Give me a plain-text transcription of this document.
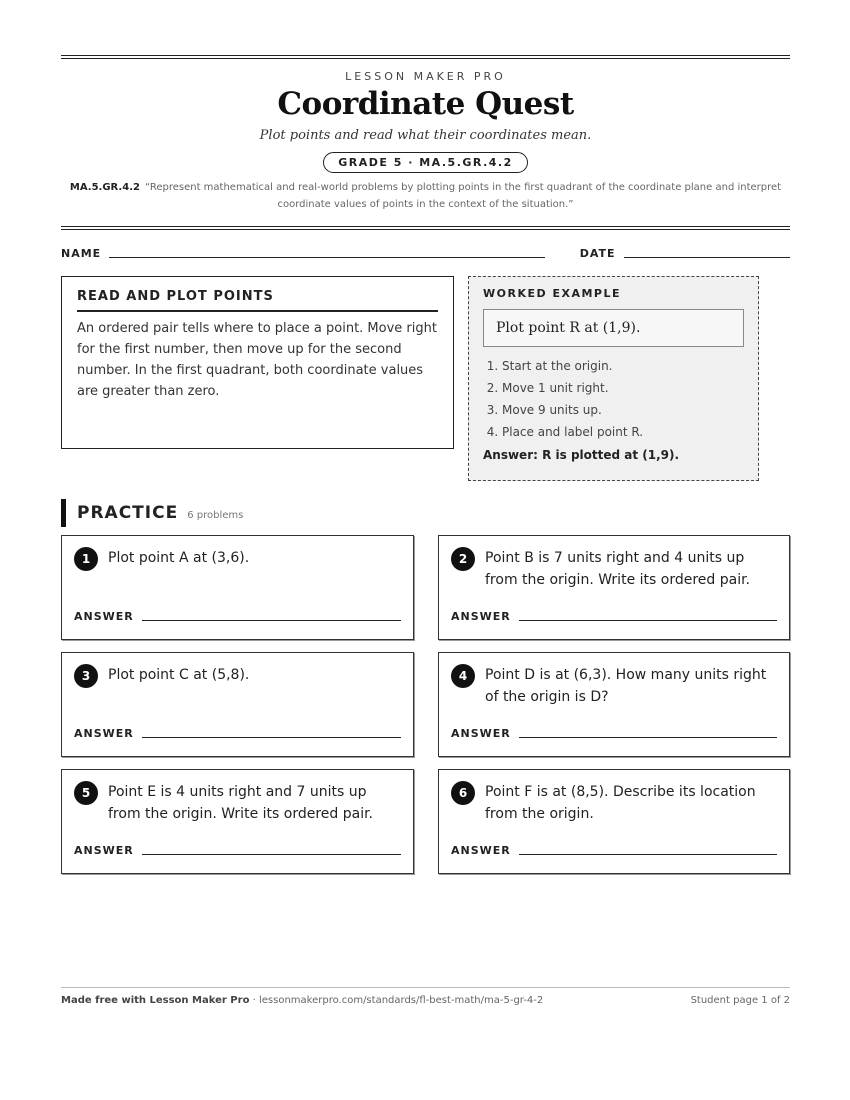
LESSON MAKER PRO
Coordinate Quest
Plot points and read what their coordinates mean.
GRADE 5 · MA.5.GR.4.2
MA.5.GR.4.2 “Represent mathematical and real-world problems by plotting points in the first quadrant of the coordinate plane and interpret coordinate values of points in the context of the situation.”
NAME	DATE
READ AND PLOT POINTS

An ordered pair tells where to place a point. Move right for the first number, then move up for the second number. In the first quadrant, both coordinate values are greater than zero.

WORKED EXAMPLE
Plot point R at (1,9).
1. Start at the origin.
2. Move 1 unit right.
3. Move 9 units up.
4. Place and label point R.
Answer: R is plotted at (1,9).
PRACTICE 6 problems
1	Plot point A at (3,6).
ANSWER
2	Point B is 7 units right and 4 units up from the origin. Write its ordered pair.
ANSWER
3	Plot point C at (5,8).
ANSWER
4	Point D is at (6,3). How many units right of the origin is D?
ANSWER
5	Point E is 4 units right and 7 units up from the origin. Write its ordered pair.
ANSWER
6	Point F is at (8,5). Describe its location from the origin.
ANSWER
Made free with Lesson Maker Pro · lessonmakerpro.com/standards/fl-best-math/ma-5-gr-4-2	Student page 1 of 2
